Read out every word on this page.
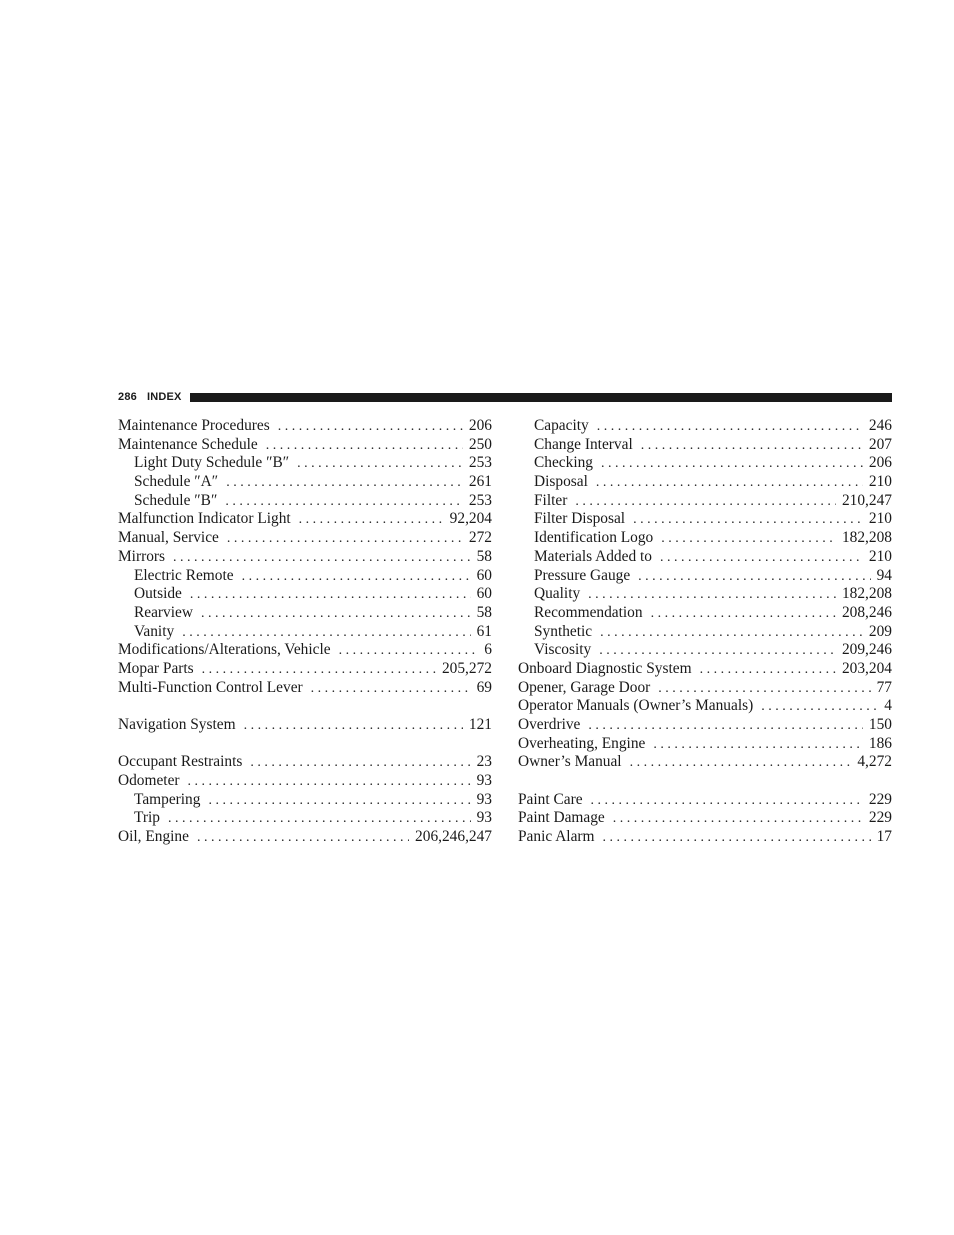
286 INDEX
Maintenance Procedures . . .	206
Maintenance Schedule . . .	250
Light Duty Schedule ″B″ . . .	253
Schedule ″A″ . . .	261
Schedule ″B″ . . .	253
Malfunction Indicator Light . . .	92,204
Manual, Service . . .	272
Mirrors . . .	58
Electric Remote . . .	60
Outside . . .	60
Rearview . . .	58
Vanity . . .	61
Modifications/Alterations, Vehicle . . .	6
Mopar Parts . . .	205,272
Multi-Function Control Lever . . .	69
Navigation System . . .	121
Occupant Restraints . . .	23
Odometer . . .	93
Tampering . . .	93
Trip . . .	93
Oil, Engine . . .	206,246,247
Capacity . . .	246
Change Interval . . .	207
Checking . . .	206
Disposal . . .	210
Filter . . .	210,247
Filter Disposal . . .	210
Identification Logo . . .	182,208
Materials Added to . . .	210
Pressure Gauge . . .	94
Quality . . .	182,208
Recommendation . . .	208,246
Synthetic . . .	209
Viscosity . . .	209,246
Onboard Diagnostic System . . .	203,204
Opener, Garage Door . . .	77
Operator Manuals (Owner’s Manuals) . . .	4
Overdrive . . .	150
Overheating, Engine . . .	186
Owner’s Manual . . .	4,272
Paint Care . . .	229
Paint Damage . . .	229
Panic Alarm . . .	17
